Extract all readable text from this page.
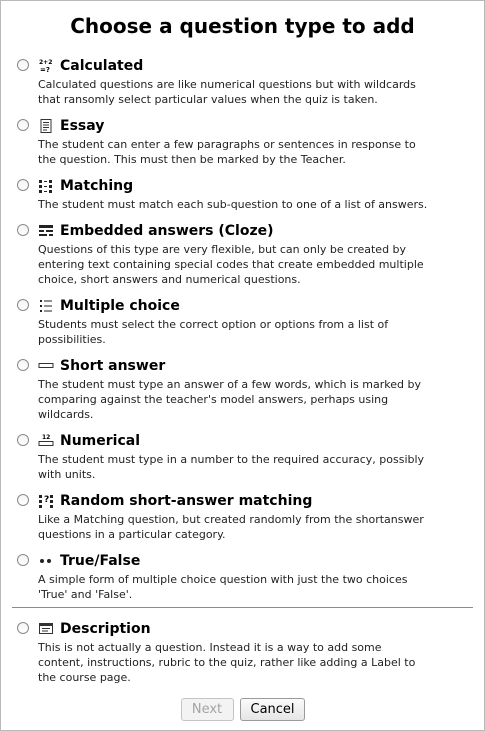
Choose a question type to add
2+2
=? Calculated
Calculated questions are like numerical questions but with wildcards
that ransomly select particular values when the quiz is taken.
Essay
The student can enter a few paragraphs or sentences in response to
the question. This must then be marked by the Teacher.
Matching
The student must match each sub-question to one of a list of answers.
Embedded answers (Cloze)
Questions of this type are very flexible, but can only be created by
entering text containing special codes that create embedded multiple
choice, short answers and numerical questions.
Multiple choice
Students must select the correct option or options from a list of
possibilities.
Short answer
The student must type an answer of a few words, which is marked by
comparing against the teacher's model answers, perhaps using
wildcards.
12 Numerical
The student must type in a number to the required accuracy, possibly
with units.
? Random short-answer matching
Like a Matching question, but created randomly from the shortanswer
questions in a particular category.
True/False
A simple form of multiple choice question with just the two choices
'True' and 'False'.
Description
This is not actually a question. Instead it is a way to add some
content, instructions, rubric to the quiz, rather like adding a Label to
the course page.
Next Cancel
